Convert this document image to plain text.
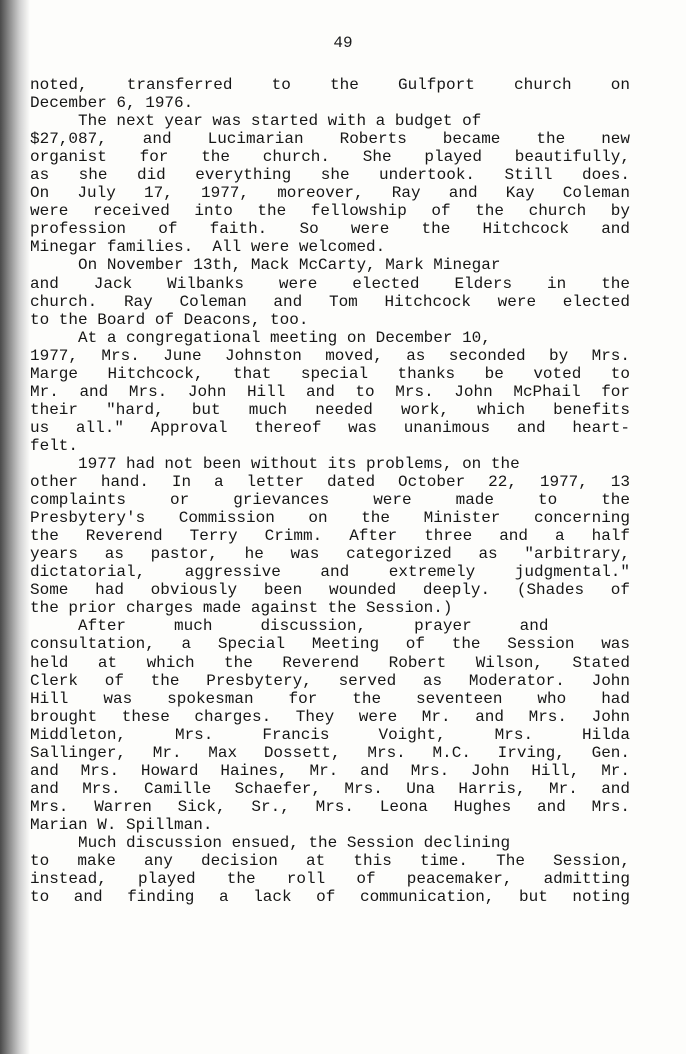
49
noted, transferred to the Gulfport church on
December 6, 1976.
The next year was started with a budget of
$27,087, and Lucimarian Roberts became the new
organist for the church. She played beautifully,
as she did everything she undertook. Still does.
On July 17, 1977, moreover, Ray and Kay Coleman
were received into the fellowship of the church by
profession of faith. So were the Hitchcock and
Minegar families.  All were welcomed.
On November 13th, Mack McCarty, Mark Minegar
and Jack Wilbanks were elected Elders in the
church. Ray Coleman and Tom Hitchcock were elected
to the Board of Deacons, too.
At a congregational meeting on December 10,
1977, Mrs. June Johnston moved, as seconded by Mrs.
Marge Hitchcock, that special thanks be voted to
Mr. and Mrs. John Hill and to Mrs. John McPhail for
their "hard, but much needed work, which benefits
us all." Approval thereof was unanimous and heart-
felt.
1977 had not been without its problems, on the
other hand. In a letter dated October 22, 1977, 13
complaints or grievances were made to the
Presbytery's Commission on the Minister concerning
the Reverend Terry Crimm. After three and a half
years as pastor, he was categorized as "arbitrary,
dictatorial, aggressive and extremely judgmental."
Some had obviously been wounded deeply. (Shades of
the prior charges made against the Session.)
After     much     discussion,     prayer     and
consultation, a Special Meeting of the Session was
held at which the Reverend Robert Wilson, Stated
Clerk of the Presbytery, served as Moderator. John
Hill was spokesman for the seventeen who had
brought these charges. They were Mr. and Mrs. John
Middleton, Mrs. Francis Voight, Mrs. Hilda
Sallinger, Mr. Max Dossett, Mrs. M.C. Irving, Gen.
and Mrs. Howard Haines, Mr. and Mrs. John Hill, Mr.
and Mrs. Camille Schaefer, Mrs. Una Harris, Mr. and
Mrs. Warren Sick, Sr., Mrs. Leona Hughes and Mrs.
Marian W. Spillman.
Much discussion ensued, the Session declining
to make any decision at this time. The Session,
instead, played the roll of peacemaker, admitting
to and finding a lack of communication, but noting
